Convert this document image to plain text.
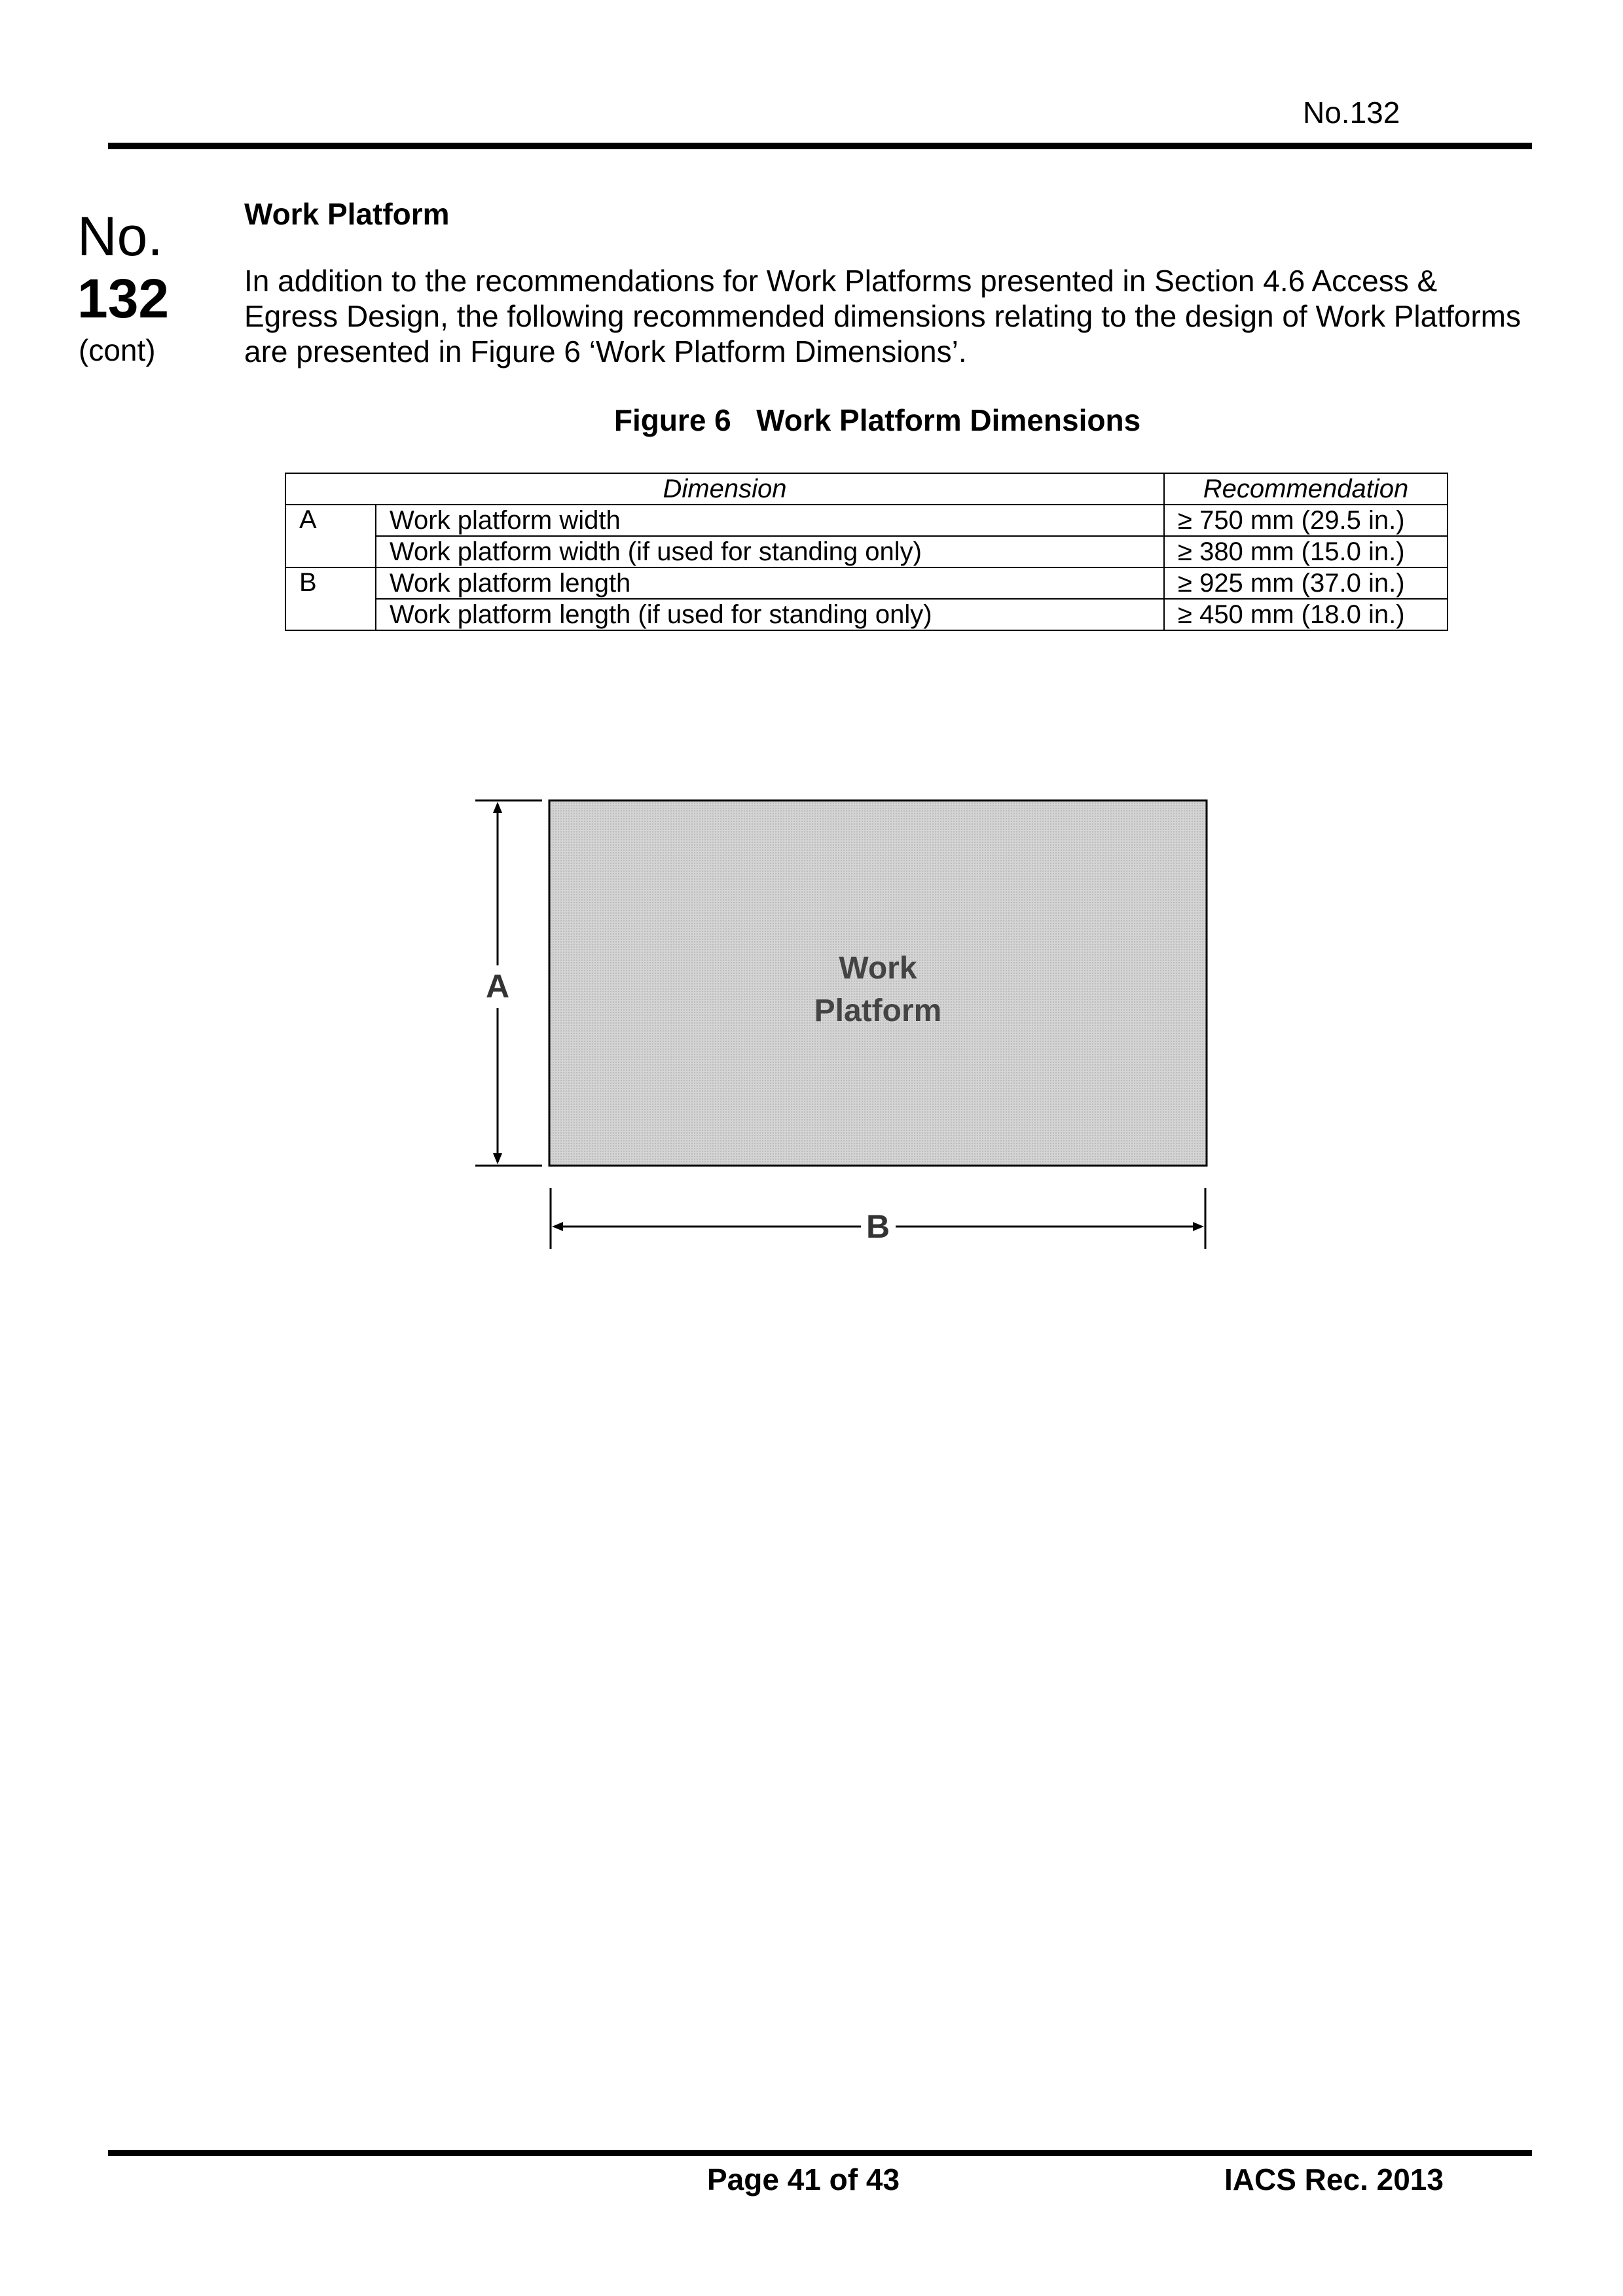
No.132
No.
132
(cont)
Work Platform
In addition to the recommendations for Work Platforms presented in Section 4.6 Access & Egress Design, the following recommended dimensions relating to the design of Work Platforms are presented in Figure 6 ‘Work Platform Dimensions’.
Figure 6   Work Platform Dimensions
Dimension		Recommendation
A	Work platform width	≥ 750 mm (29.5 in.)
	Work platform width (if used for standing only)	≥ 380 mm (15.0 in.)
B	Work platform length	≥ 925 mm (37.0 in.)
	Work platform length (if used for standing only)	≥ 450 mm (18.0 in.)
Work
Platform
A
B
Page 41 of 43	IACS Rec. 2013
